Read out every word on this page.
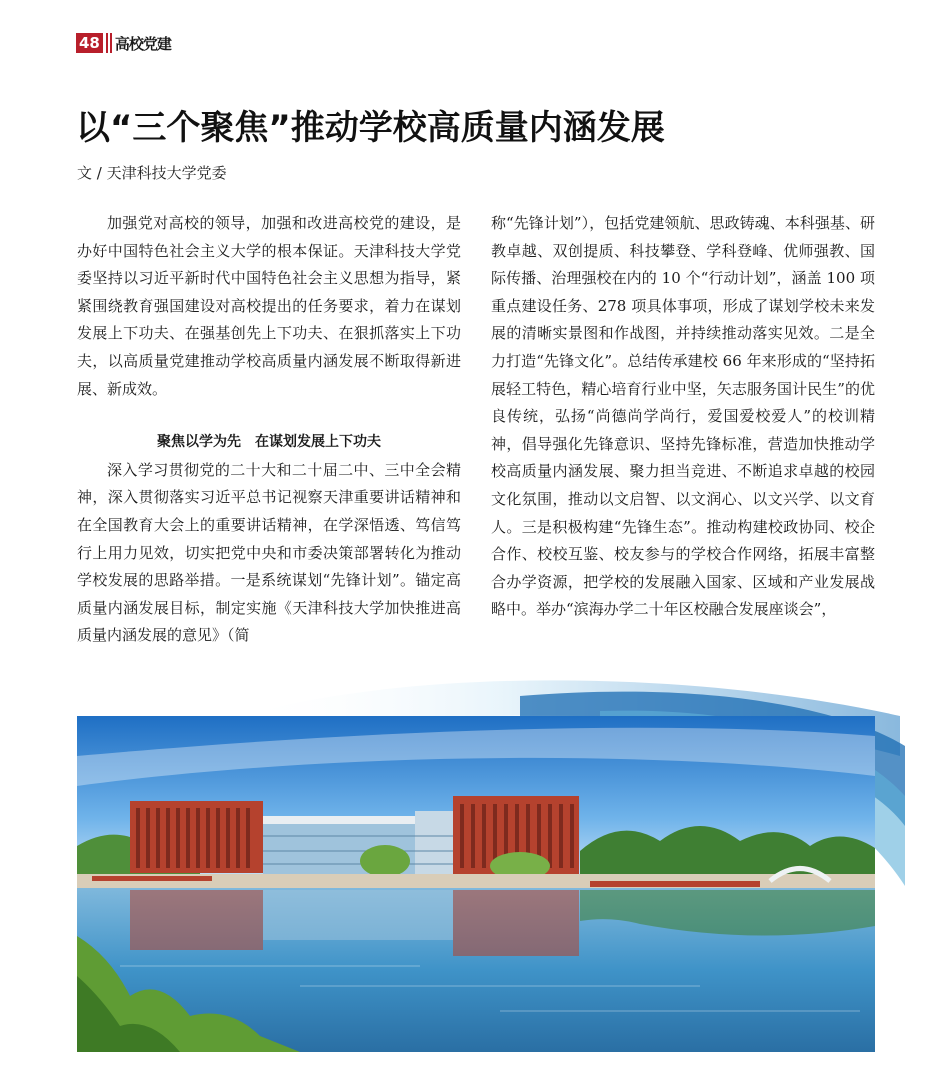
48 高校党建
以“三个聚焦”推动学校高质量内涵发展
文 / 天津科技大学党委

加强党对高校的领导，加强和改进高校党的建设，是办好中国特色社会主义大学的根本保证。天津科技大学党委坚持以习近平新时代中国特色社会主义思想为指导，紧紧围绕教育强国建设对高校提出的任务要求，着力在谋划发展上下功夫、在强基创先上下功夫、在狠抓落实上下功夫，以高质量党建推动学校高质量内涵发展不断取得新进展、新成效。

聚焦以学为先　在谋划发展上下功夫

深入学习贯彻党的二十大和二十届二中、三中全会精神，深入贯彻落实习近平总书记视察天津重要讲话精神和在全国教育大会上的重要讲话精神，在学深悟透、笃信笃行上用力见效，切实把党中央和市委决策部署转化为推动学校发展的思路举措。一是系统谋划“先锋计划”。锚定高质量内涵发展目标，制定实施《天津科技大学加快推进高质量内涵发展的意见》（简

称“先锋计划”），包括党建领航、思政铸魂、本科强基、研教卓越、双创提质、科技攀登、学科登峰、优师强教、国际传播、治理强校在内的 10 个“行动计划”，涵盖 100 项重点建设任务、278 项具体事项，形成了谋划学校未来发展的清晰实景图和作战图，并持续推动落实见效。二是全力打造“先锋文化”。总结传承建校 66 年来形成的“坚持拓展轻工特色，精心培育行业中坚，矢志服务国计民生”的优良传统，弘扬“尚德尚学尚行，爱国爱校爱人”的校训精神，倡导强化先锋意识、坚持先锋标准，营造加快推动学校高质量内涵发展、聚力担当竞进、不断追求卓越的校园文化氛围，推动以文启智、以文润心、以文兴学、以文育人。三是积极构建“先锋生态”。推动构建校政协同、校企合作、校校互鉴、校友参与的学校合作网络，拓展丰富整合办学资源，把学校的发展融入国家、区域和产业发展战略中。举办“滨海办学二十年区校融合发展座谈会”，
